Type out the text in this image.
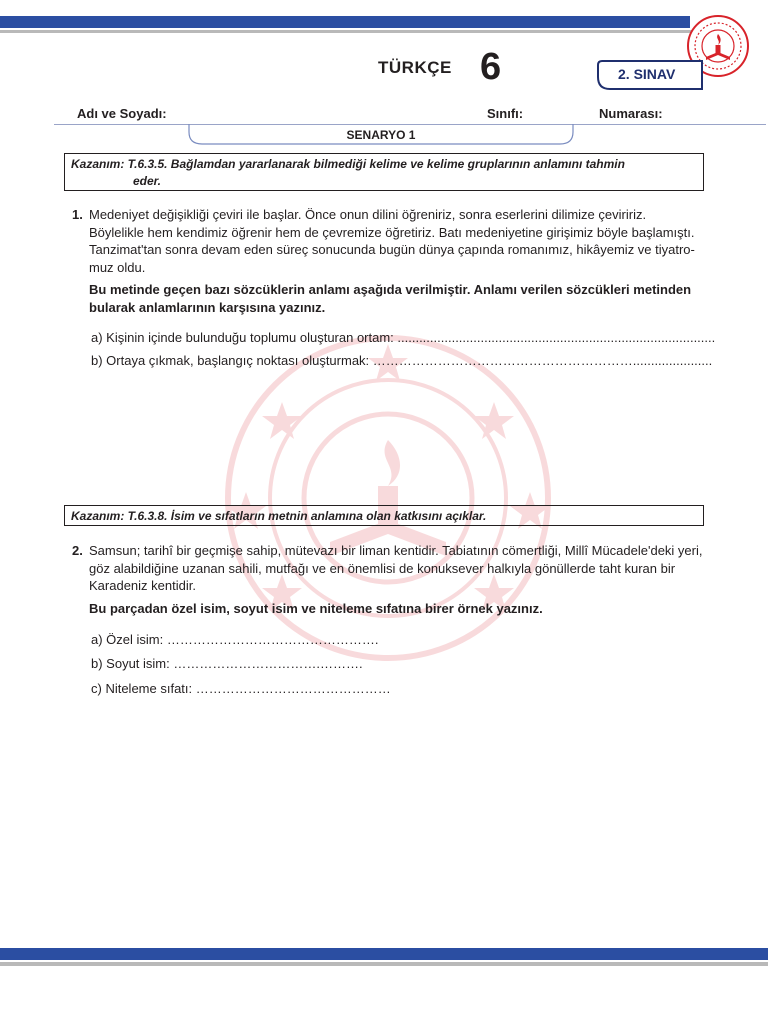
TÜRKÇE 6	2. SINAV
Adı ve Soyadı:	Sınıfı:	Numarası:
SENARYO 1
Kazanım: T.6.3.5. Bağlamdan yararlanarak bilmediği kelime ve kelime gruplarının anlamını tahmin
eder.
1. Medeniyet değişikliği çeviri ile başlar. Önce onun dilini öğreniriz, sonra eserlerini dilimize çeviririz.
Böylelikle hem kendimiz öğrenir hem de çevremize öğretiriz. Batı medeniyetine girişimiz böyle başlamıştı.
Tanzimat'tan sonra devam eden süreç sonucunda bugün dünya çapında romanımız, hikâyemiz ve tiyatro-
muz oldu.
Bu metinde geçen bazı sözcüklerin anlamı aşağıda verilmiştir. Anlamı verilen sözcükleri metinden
bularak anlamlarının karşısına yazınız.
a) Kişinin içinde bulunduğu toplumu oluşturan ortam: ........................................................................................
b) Ortaya çıkmak, başlangıç noktası oluşturmak: ……………………………………………………......................
Kazanım: T.6.3.8. İsim ve sıfatların metnin anlamına olan katkısını açıklar.
2. Samsun; tarihî bir geçmişe sahip, mütevazı bir liman kentidir. Tabiatının cömertliği, Millî Mücadele'deki yeri,
göz alabildiğine uzanan sahili, mutfağı ve en önemlisi de konuksever halkıyla gönüllerde taht kuran bir
Karadeniz kentidir.
Bu parçadan özel isim, soyut isim ve niteleme sıfatına birer örnek yazınız.
a) Özel isim: ………………………………………….
b) Soyut isim: …………………………….……….
c) Niteleme sıfatı: ………………………………………
